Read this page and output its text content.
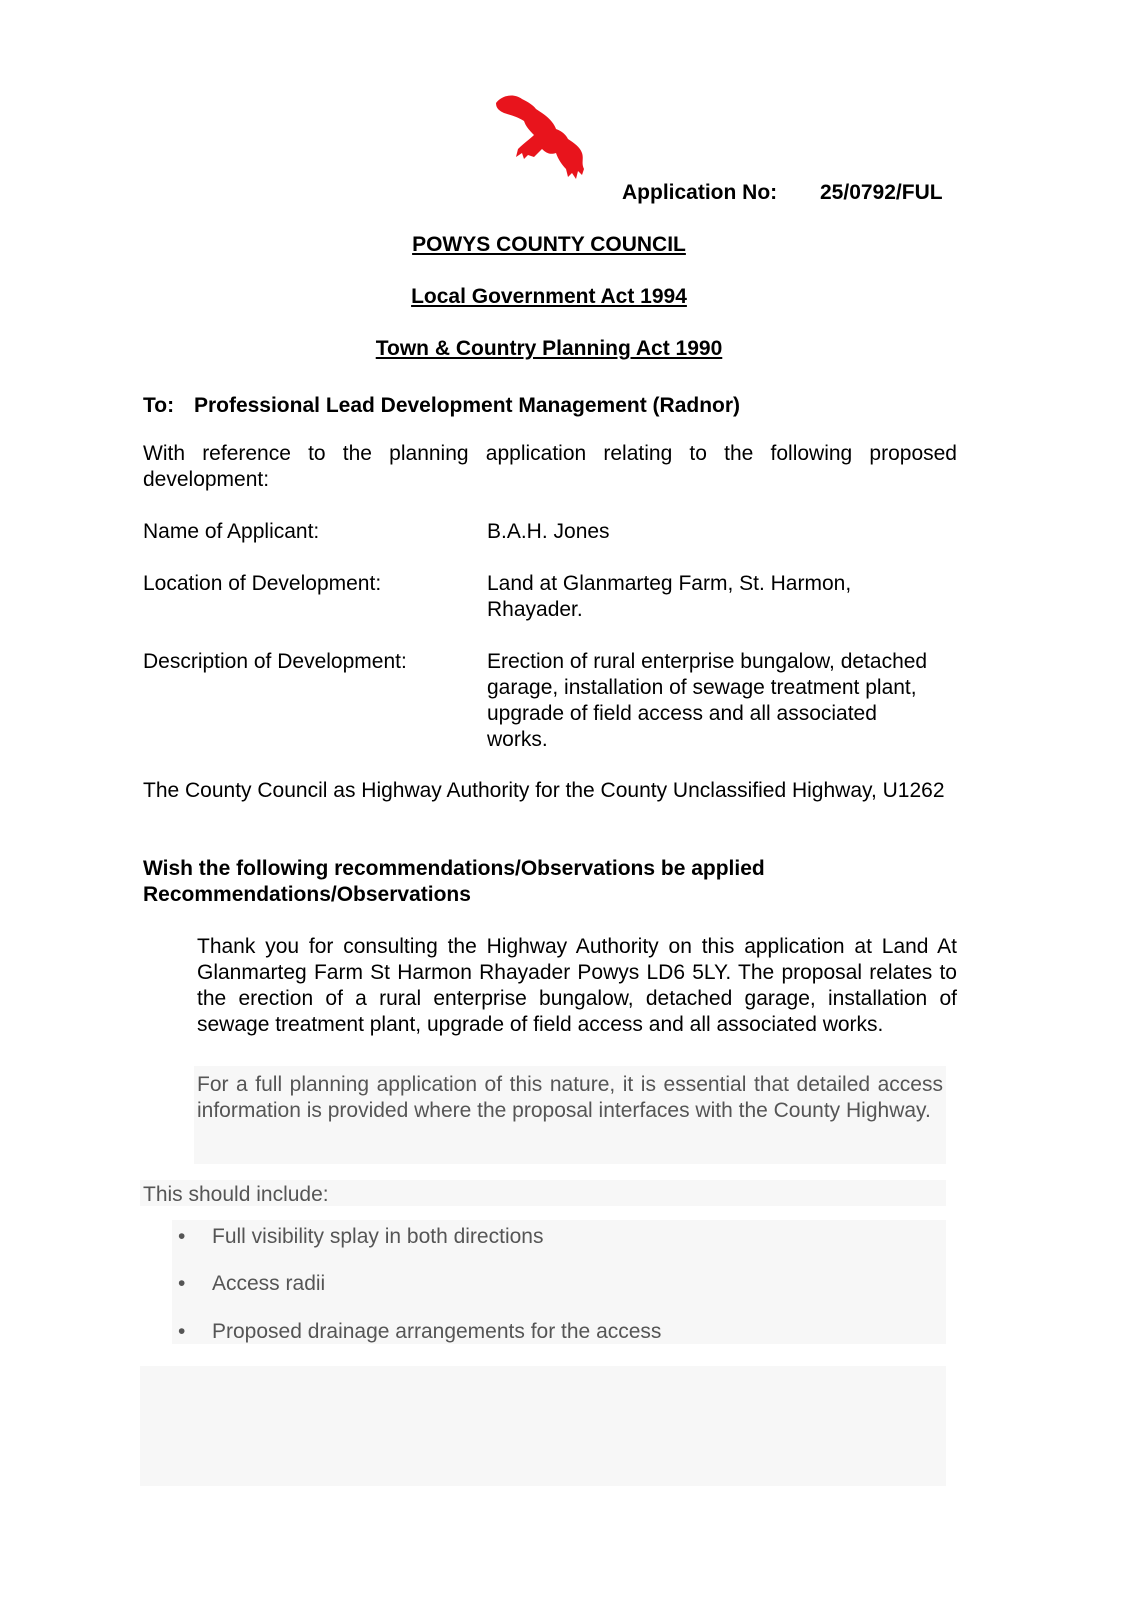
Application No: 25/0792/FUL
POWYS COUNTY COUNCIL
Local Government Act 1994
Town & Country Planning Act 1990
To: Professional Lead Development Management (Radnor)
With reference to the planning application relating to the following proposed development:
Name of Applicant:	B.A.H. Jones
Location of Development:	Land at Glanmarteg Farm, St. Harmon, Rhayader.
Description of Development:	Erection of rural enterprise bungalow, detached garage, installation of sewage treatment plant, upgrade of field access and all associated works.
The County Council as Highway Authority for the County Unclassified Highway, U1262
Wish the following recommendations/Observations be applied
Recommendations/Observations
Thank you for consulting the Highway Authority on this application at Land At Glanmarteg Farm St Harmon Rhayader Powys LD6 5LY. The proposal relates to the erection of a rural enterprise bungalow, detached garage, installation of sewage treatment plant, upgrade of field access and all associated works.
For a full planning application of this nature, it is essential that detailed access information is provided where the proposal interfaces with the County Highway.
This should include:
• Full visibility splay in both directions
• Access radii
• Proposed drainage arrangements for the access
